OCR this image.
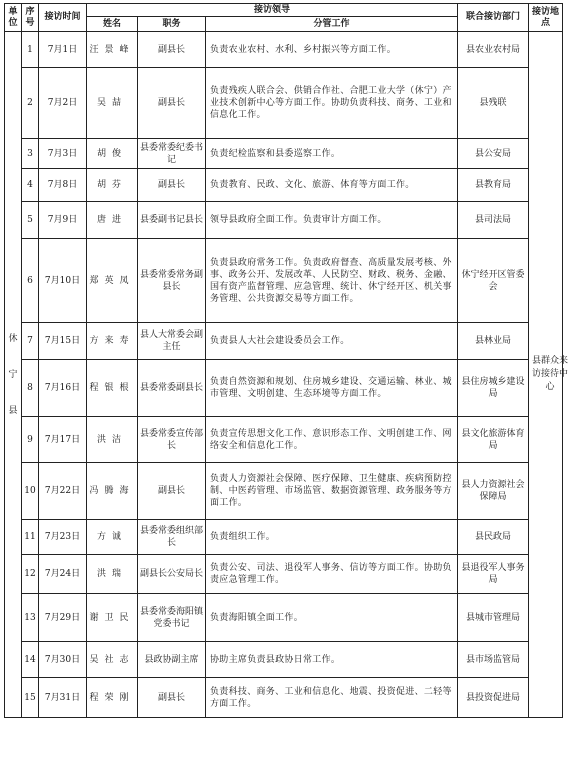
单位	序号	接访时间	接访领导			联合接访部门	接访地点
			姓名	职务	分管工作		

休宁县	1	7月1日	汪景峰	副县长	负责农业农村、水利、乡村振兴等方面工作。	县农业农村局	县群众来访接待中心

	2	7月2日	吴喆	副县长	负责残疾人联合会、供销合作社、合肥工业大学（休宁）产业技术创新中心等方面工作。协助负责科技、商务、工业和信息化工作。	县残联	
	3	7月3日	胡俊	县委常委纪委书记	负责纪检监察和县委巡察工作。	县公安局	
	4	7月8日	胡芬	副县长	负责教育、民政、文化、旅游、体育等方面工作。	县教育局	
	5	7月9日	唐进	县委副书记县长	领导县政府全面工作。负责审计方面工作。	县司法局	
	6	7月10日	郑英凤	县委常委常务副县长	负责县政府常务工作。负责政府督查、高质量发展考核、外事、政务公开、发展改革、人民防空、财政、税务、金融、国有资产监督管理、应急管理、统计、休宁经开区、机关事务管理、公共资源交易等方面工作。	休宁经开区管委会	
	7	7月15日	方来寿	县人大常委会副主任	负责县人大社会建设委员会工作。	县林业局	
	8	7月16日	程银根	县委常委副县长	负责自然资源和规划、住房城乡建设、交通运输、林业、城市管理、文明创建、生态环境等方面工作。	县住房城乡建设局	
	9	7月17日	洪洁	县委常委宣传部长	负责宣传思想文化工作、意识形态工作、文明创建工作、网络安全和信息化工作。	县文化旅游体育局	
	10	7月22日	冯腾海	副县长	负责人力资源社会保障、医疗保障、卫生健康、疾病预防控制、中医药管理、市场监管、数据资源管理、政务服务等方面工作。	县人力资源社会保障局	
	11	7月23日	方诚	县委常委组织部长	负责组织工作。	县民政局	
	12	7月24日	洪瑞	副县长公安局长	负责公安、司法、退役军人事务、信访等方面工作。协助负责应急管理工作。	县退役军人事务局	
	13	7月29日	谢卫民	县委常委海阳镇党委书记	负责海阳镇全面工作。	县城市管理局	
	14	7月30日	吴社志	县政协副主席	协助主席负责县政协日常工作。	县市场监管局	
	15	7月31日	程荣刚	副县长	负责科技、商务、工业和信息化、地震、投资促进、二轻等方面工作。	县投资促进局	
